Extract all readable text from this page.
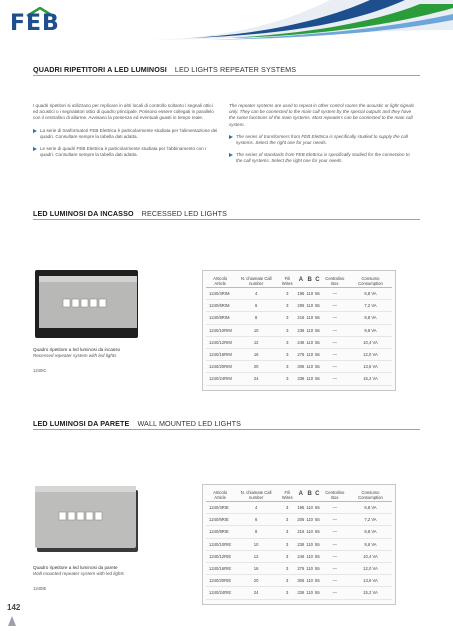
FEB
QUADRI RIPETITORI A LED LUMINOSI LED LIGHTS REPEATER SYSTEMS

I quadri ripetitori si utilizzano per replicare in altri locali di controllo soltanto i segnali ottici ed acustici o i segnalatori ottici di quadro principale. Possono essere collegati in parallelo con il centralino di allarme. Avvisano la presenza ed eventuali guasti in tempo reale.

La serie di trasformatori FEB Elettrica è particolarmente studiata per l'alimentazione dei quadri. Consultare sempre la tabella dati adatta.

Le serie di quadri FEB Elettrica è particolarmente studiata per l'abbinamento con i quadri. Consultare sempre la tabella dati adatta.

The repeater systems are used to repeat in other control rooms the acoustic or light signals only. They can be connected to the main call system by the special outputs and they have the same functions of the main systems. Most repeaters can be connected to the main call system.

The series of transformers from FEB Elettrica is specifically studied to supply the call systems. Select the right one for your needs.

The series of standards from FEB Elettrica is specifically studied for the connection to the call systems. Select the right one for your needs.

LED LUMINOSI DA INCASSO RECESSED LED LIGHTS
Quadro ripetitore a led luminosi da incasso
Recessed repeater system with led lights
1240IC
Articolo Article	N. chiamate Call number	Fili Wires	A	B	C	Centralino Box	Consumo Consumption
1240/4RIM	4	3	196	110	55	—	6,8 VA
1240/6RIM	6	3	206	110	55	—	7,2 VA
1240/8RIM	8	3	216	110	55	—	8,8 VA
1240/10RIM	10	3	236	110	55	—	9,6 VA
1240/12RIM	12	3	246	110	55	—	10,4 VA
1240/16RIM	16	3	276	110	55	—	12,0 VA
1240/20RIM	20	3	306	110	55	—	13,6 VA
1240/24RIM	24	3	336	110	55	—	15,2 VA
LED LUMINOSI DA PARETE WALL MOUNTED LED LIGHTS
Quadro ripetitore a led luminosi da parete
Wall mounted repeater system with led lights
1240IE
Articolo Article	N. chiamate Call number	Fili Wires	A	B	C	Centralino Box	Consumo Consumption
1240/4RIE	4	3	196	110	55	—	6,8 VA
1240/6RIE	6	3	206	110	55	—	7,2 VA
1240/8RIE	8	3	216	110	55	—	8,8 VA
1240/10RIE	10	3	236	110	55	—	9,6 VA
1240/12RIE	12	3	246	110	55	—	10,4 VA
1240/16RIE	16	3	276	110	55	—	12,0 VA
1240/20RIE	20	3	306	110	55	—	13,6 VA
1240/24RIE	24	3	336	110	55	—	15,2 VA
142
